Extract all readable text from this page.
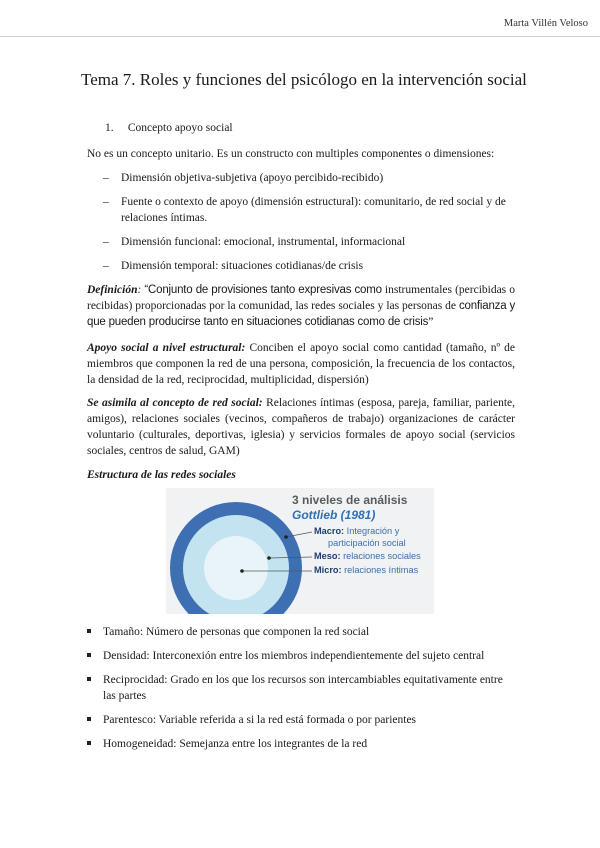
Marta Villén Veloso
Tema 7. Roles y funciones del psicólogo en la intervención social
1. Concepto apoyo social
No es un concepto unitario. Es un constructo con multiples componentes o dimensiones:
– Dimensión objetiva-subjetiva (apoyo percibido-recibido)
– Fuente o contexto de apoyo (dimensión estructural): comunitario, de red social y de relaciones íntimas.
– Dimensión funcional: emocional, instrumental, informacional
– Dimensión temporal: situaciones cotidianas/de crisis
Definición: “Conjunto de provisiones tanto expresivas como instrumentales (percibidas o recibidas) proporcionadas por la comunidad, las redes sociales y las personas de confianza y que pueden producirse tanto en situaciones cotidianas como de crisis”
Apoyo social a nivel estructural: Conciben el apoyo social como cantidad (tamaño, nº de miembros que componen la red de una persona, composición, la frecuencia de los contactos, la densidad de la red, reciprocidad, multiplicidad, dispersión)
Se asimila al concepto de red social: Relaciones íntimas (esposa, pareja, familiar, pariente, amigos), relaciones sociales (vecinos, compañeros de trabajo) organizaciones de carácter voluntario (culturales, deportivas, iglesia) y servicios formales de apoyo social (servicios sociales, centros de salud, GAM)
Estructura de las redes sociales
3 niveles de análisis
Gottlieb (1981)
Macro: Integración y
participación social
Meso: relaciones sociales
Micro: relaciones íntimas
Tamaño: Número de personas que componen la red social
Densidad: Interconexión entre los miembros independientemente del sujeto central
Reciprocidad: Grado en los que los recursos son intercambiables equitativamente entre las partes
Parentesco: Variable referida a si la red está formada o por parientes
Homogeneidad: Semejanza entre los integrantes de la red
